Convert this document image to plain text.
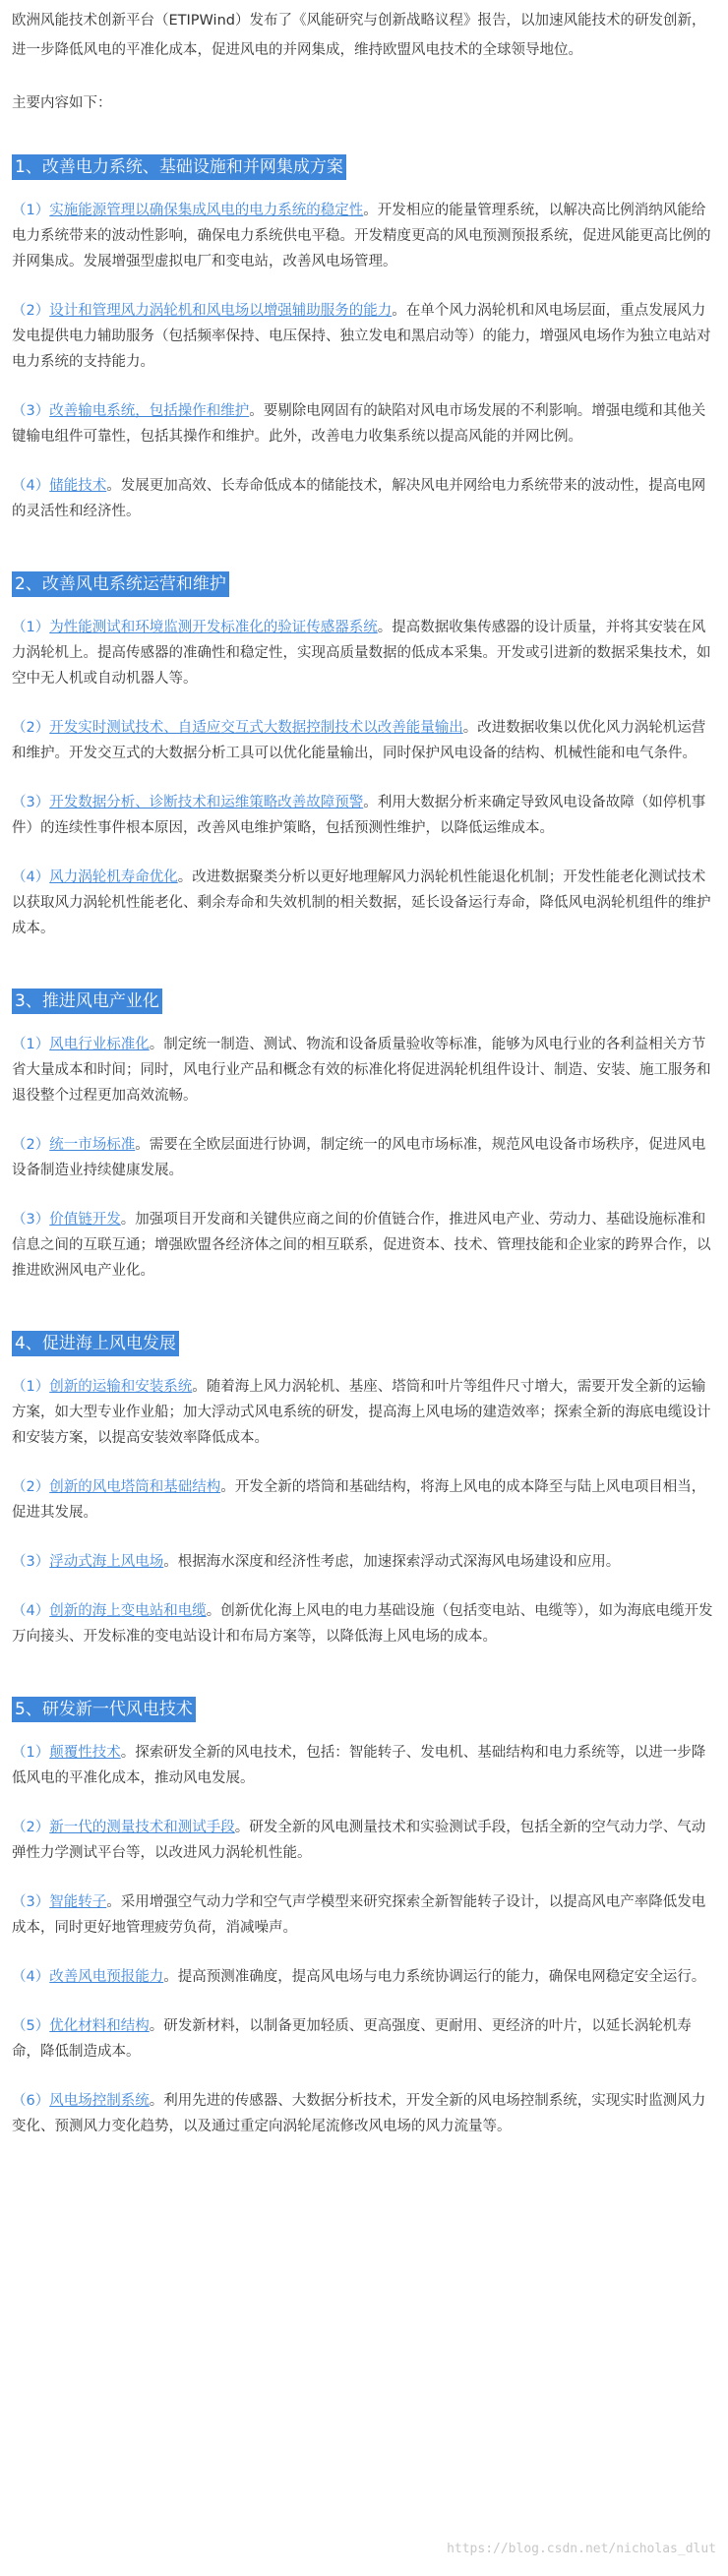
欧洲风能技术创新平台（ETIPWind）发布了《风能研究与创新战略议程》报告，以加速风能技术的研发创新，进一步降低风电的平准化成本，促进风电的并网集成，维持欧盟风电技术的全球领导地位。

主要内容如下：

1、改善电力系统、基础设施和并网集成方案

（1）实施能源管理以确保集成风电的电力系统的稳定性。开发相应的能量管理系统，以解决高比例消纳风能给电力系统带来的波动性影响，确保电力系统供电平稳。开发精度更高的风电预测预报系统，促进风能更高比例的并网集成。发展增强型虚拟电厂和变电站，改善风电场管理。

（2）设计和管理风力涡轮机和风电场以增强辅助服务的能力。在单个风力涡轮机和风电场层面，重点发展风力发电提供电力辅助服务（包括频率保持、电压保持、独立发电和黑启动等）的能力，增强风电场作为独立电站对电力系统的支持能力。

（3）改善输电系统，包括操作和维护。要剔除电网固有的缺陷对风电市场发展的不利影响。增强电缆和其他关键输电组件可靠性，包括其操作和维护。此外，改善电力收集系统以提高风能的并网比例。

（4）储能技术。发展更加高效、长寿命低成本的储能技术，解决风电并网给电力系统带来的波动性，提高电网的灵活性和经济性。

2、改善风电系统运营和维护

（1）为性能测试和环境监测开发标准化的验证传感器系统。提高数据收集传感器的设计质量，并将其安装在风力涡轮机上。提高传感器的准确性和稳定性，实现高质量数据的低成本采集。开发或引进新的数据采集技术，如空中无人机或自动机器人等。

（2）开发实时测试技术、自适应交互式大数据控制技术以改善能量输出。改进数据收集以优化风力涡轮机运营和维护。开发交互式的大数据分析工具可以优化能量输出，同时保护风电设备的结构、机械性能和电气条件。

（3）开发数据分析、诊断技术和运维策略改善故障预警。利用大数据分析来确定导致风电设备故障（如停机事件）的连续性事件根本原因，改善风电维护策略，包括预测性维护，以降低运维成本。

（4）风力涡轮机寿命优化。改进数据聚类分析以更好地理解风力涡轮机性能退化机制；开发性能老化测试技术以获取风力涡轮机性能老化、剩余寿命和失效机制的相关数据，延长设备运行寿命，降低风电涡轮机组件的维护成本。

3、推进风电产业化

（1）风电行业标准化。制定统一制造、测试、物流和设备质量验收等标准，能够为风电行业的各利益相关方节省大量成本和时间；同时，风电行业产品和概念有效的标准化将促进涡轮机组件设计、制造、安装、施工服务和退役整个过程更加高效流畅。

（2）统一市场标准。需要在全欧层面进行协调，制定统一的风电市场标准，规范风电设备市场秩序，促进风电设备制造业持续健康发展。

（3）价值链开发。加强项目开发商和关键供应商之间的价值链合作，推进风电产业、劳动力、基础设施标准和信息之间的互联互通；增强欧盟各经济体之间的相互联系，促进资本、技术、管理技能和企业家的跨界合作，以推进欧洲风电产业化。

4、促进海上风电发展

（1）创新的运输和安装系统。随着海上风力涡轮机、基座、塔筒和叶片等组件尺寸增大，需要开发全新的运输方案，如大型专业作业船；加大浮动式风电系统的研发，提高海上风电场的建造效率；探索全新的海底电缆设计和安装方案，以提高安装效率降低成本。

（2）创新的风电塔筒和基础结构。开发全新的塔筒和基础结构，将海上风电的成本降至与陆上风电项目相当，促进其发展。

（3）浮动式海上风电场。根据海水深度和经济性考虑，加速探索浮动式深海风电场建设和应用。

（4）创新的海上变电站和电缆。创新优化海上风电的电力基础设施（包括变电站、电缆等），如为海底电缆开发万向接头、开发标准的变电站设计和布局方案等，以降低海上风电场的成本。

5、研发新一代风电技术

（1）颠覆性技术。探索研发全新的风电技术，包括：智能转子、发电机、基础结构和电力系统等，以进一步降低风电的平准化成本，推动风电发展。

（2）新一代的测量技术和测试手段。研发全新的风电测量技术和实验测试手段，包括全新的空气动力学、气动弹性力学测试平台等，以改进风力涡轮机性能。

（3）智能转子。采用增强空气动力学和空气声学模型来研究探索全新智能转子设计，以提高风电产率降低发电成本，同时更好地管理疲劳负荷，消减噪声。

（4）改善风电预报能力。提高预测准确度，提高风电场与电力系统协调运行的能力，确保电网稳定安全运行。

（5）优化材料和结构。研发新材料，以制备更加轻质、更高强度、更耐用、更经济的叶片，以延长涡轮机寿命，降低制造成本。

（6）风电场控制系统。利用先进的传感器、大数据分析技术，开发全新的风电场控制系统，实现实时监测风力变化、预测风力变化趋势，以及通过重定向涡轮尾流修改风电场的风力流量等。

https://blog.csdn.net/nicholas_dlut
